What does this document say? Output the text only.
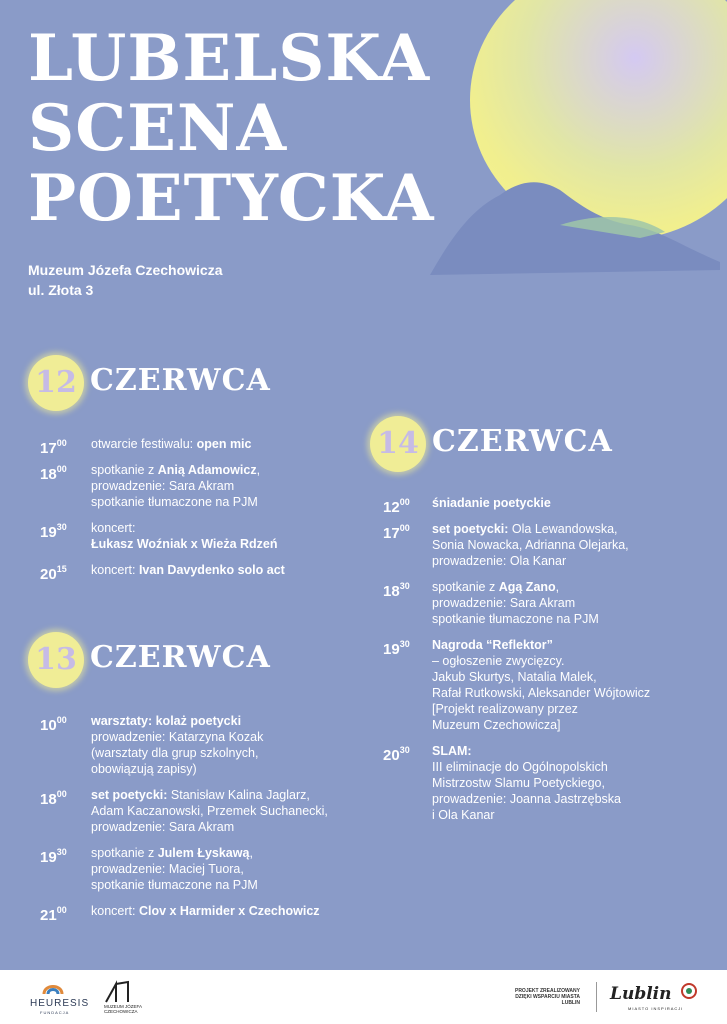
LUBELSKA
SCENA
POETYCKA
Muzeum Józefa Czechowicza
ul. Złota 3
12 CZERWCA
13 CZERWCA
14 CZERWCA
HEURESIS
FUNDACJA
MUZEUM JÓZEFA CZECHOWICZA
PROJEKT ZREALIZOWANY DZIĘKI WSPARCIU MIASTA LUBLIN Lublin
MIASTO INSPIRACJI
$17^{00}$ otwarcie festiwalu: open mic
$18^{00}$ spotkanie z Anią Adamowicz,
prowadzenie: Sara Akram
spotkanie tłumaczone na PJM
$19^{30}$ koncert:
Łukasz Woźniak x Wieża Rdzeń
$20^{15}$ koncert: Ivan Davydenko solo act
$10^{00}$ warsztaty: kolaż poetycki
prowadzenie: Katarzyna Kozak
(warsztaty dla grup szkolnych,
obowiązują zapisy)
$18^{00}$ set poetycki: Stanisław Kalina Jaglarz,
Adam Kaczanowski, Przemek Suchanecki,
prowadzenie: Sara Akram
$19^{30}$ spotkanie z Julem Łyskawą,
prowadzenie: Maciej Tuora,
spotkanie tłumaczone na PJM
$21^{00}$ koncert: Clov x Harmider x Czechowicz
$12^{00}$ śniadanie poetyckie
$17^{00}$ set poetycki: Ola Lewandowska,
Sonia Nowacka, Adrianna Olejarka,
prowadzenie: Ola Kanar
$18^{30}$ spotkanie z Agą Zano,
prowadzenie: Sara Akram
spotkanie tłumaczone na PJM
$19^{30}$ Nagroda “Reflektor”
– ogłoszenie zwycięzcy.
Jakub Skurtys, Natalia Malek,
Rafał Rutkowski, Aleksander Wójtowicz
[Projekt realizowany przez
Muzeum Czechowicza]
$20^{30}$ SLAM:
III eliminacje do Ogólnopolskich
Mistrzostw Slamu Poetyckiego,
prowadzenie: Joanna Jastrzębska
i Ola Kanar
